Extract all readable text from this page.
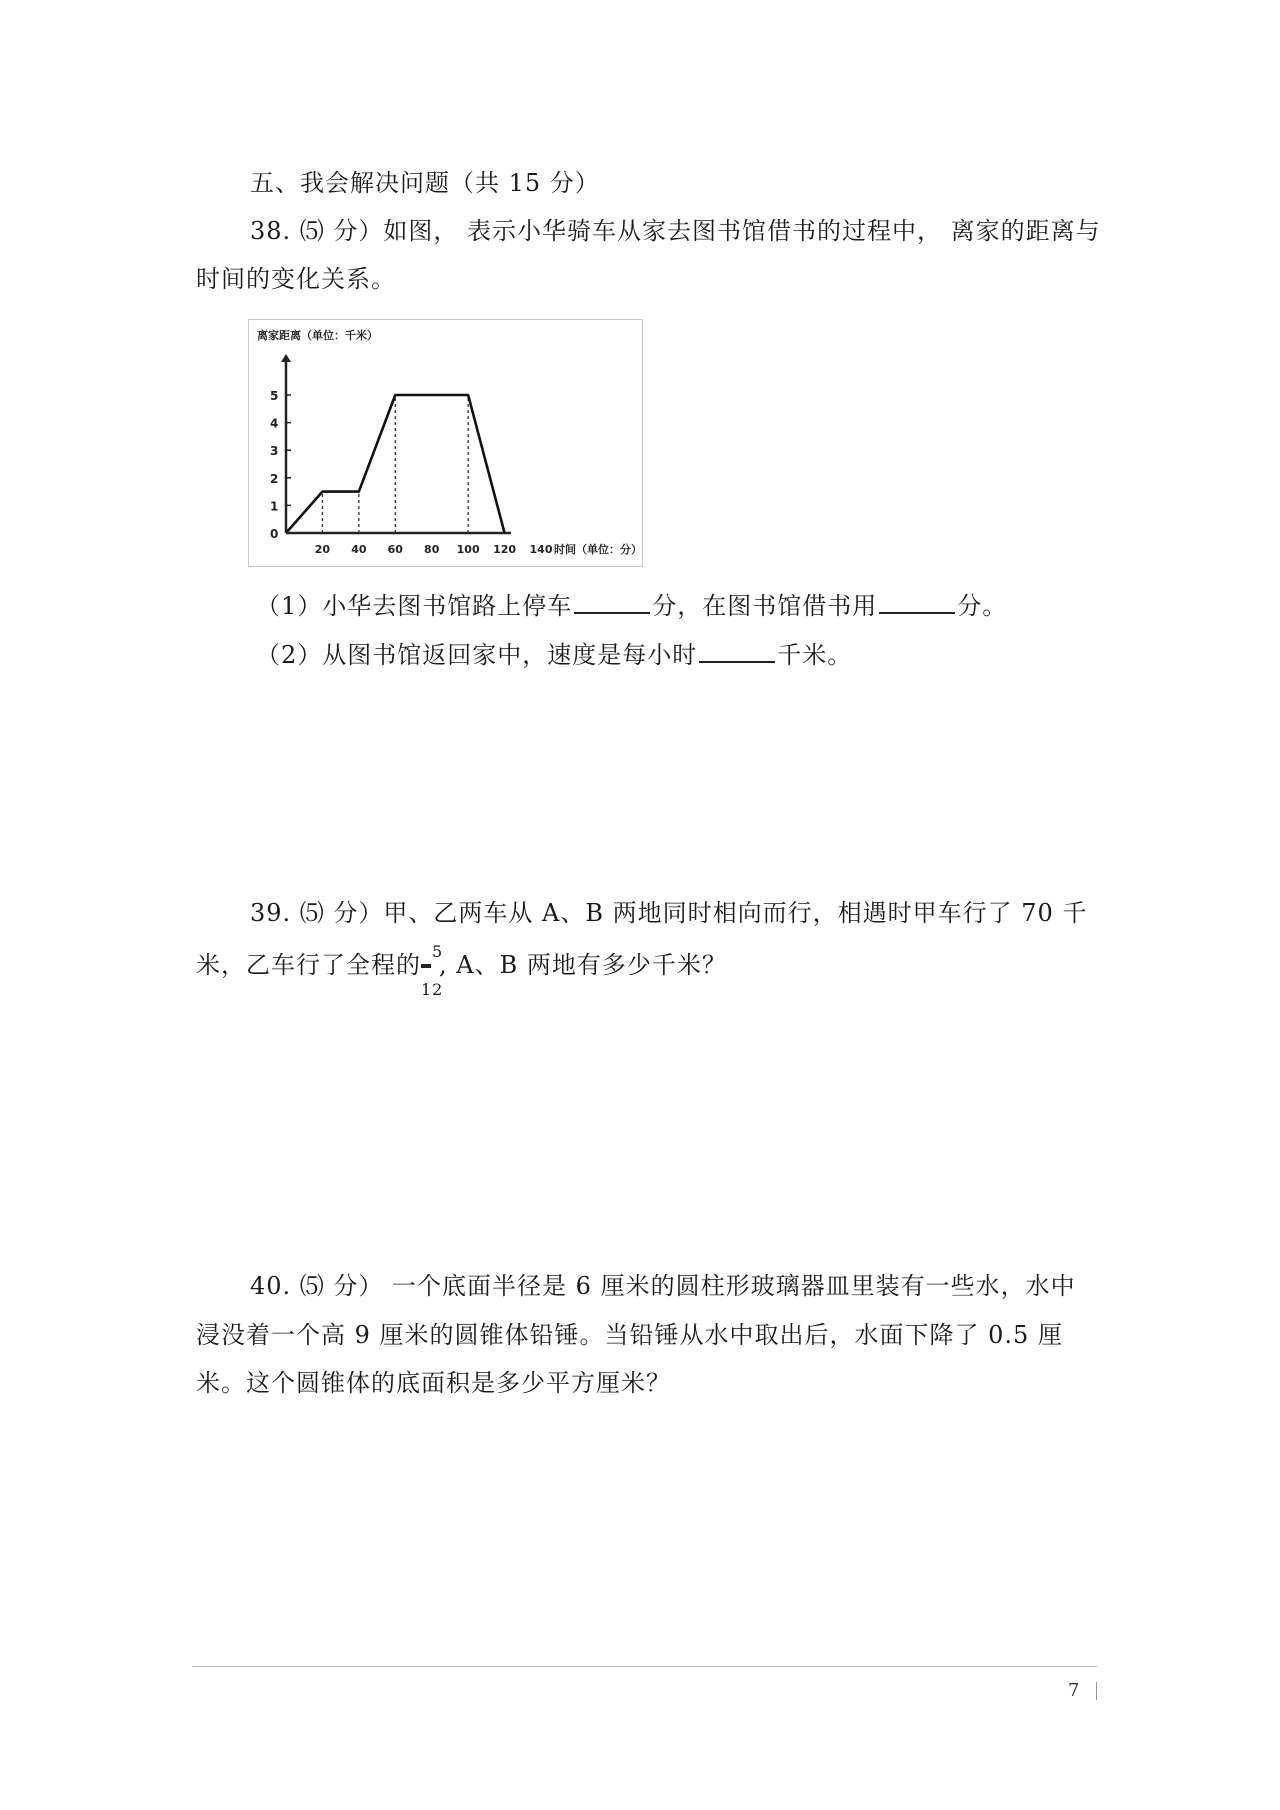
五、我会解决问题（共 15 分）
38. ⑸ 分）如图， 表示小华骑车从家去图书馆借书的过程中， 离家的距离与
时间的变化关系。
离家距离（单位：千米）
0
1
2
3
4
5
20 40 60 80 100 120 140 时间（单位：分）
（1）小华去图书馆路上停车	分，在图书馆借书用	分。
（2）从图书馆返回家中，速度是每小时	千米。
39. ⑸ 分）甲、乙两车从 A、B 两地同时相向而行，相遇时甲车行了 70 千
米，乙车行了全程的 5
12
, A、B 两地有多少千米？
40. ⑸ 分） 一个底面半径是 6 厘米的圆柱形玻璃器皿里装有一些水，水中
浸没着一个高 9 厘米的圆锥体铅锤。当铅锤从水中取出后，水面下降了 0.5 厘
米。这个圆锥体的底面积是多少平方厘米？
7
